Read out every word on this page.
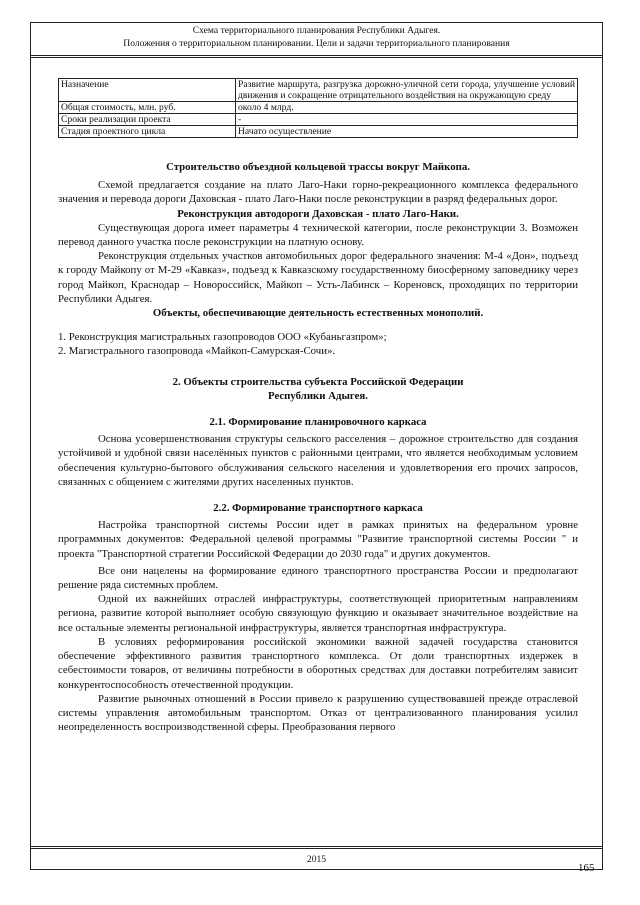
Схема территориального планирования Республики Адыгея.
Положения о территориальном планировании. Цели и задачи территориального планирования
Назначение	Развитие маршрута, разгрузка дорожно-уличной сети города, улучшение условий движения и сокращение отрицательного воздействия на окружающую среду
Общая стоимость, млн. руб.	около 4 млрд.
Сроки реализации проекта	-
Стадия проектного цикла	Начато осуществление

Строительство объездной кольцевой трассы вокруг Майкопа.

Схемой предлагается создание на плато Лаго-Наки горно-рекреационного комплекса федерального значения и перевода дороги Даховская - плато Лаго-Наки после реконструкции в разряд федеральных дорог.

Реконструкция автодороги Даховская - плато Лаго-Наки.

Существующая дорога имеет параметры 4 технической категории, после реконструкции 3. Возможен перевод данного участка после реконструкции на платную основу.

Реконструкция отдельных участков автомобильных дорог федерального значения: М-4 «Дон», подъезд к городу Майкопу от М-29 «Кавказ», подъезд к Кавказскому государственному биосферному заповеднику через город Майкоп, Краснодар – Новороссийск, Майкоп – Усть-Лабинск – Кореновск, проходящих по территории Республики Адыгея.

Объекты, обеспечивающие деятельность естественных монополий.

1. Реконструкция магистральных газопроводов ООО «Кубаньгазпром»;

2. Магистрального газопровода «Майкоп-Самурская-Сочи».

2. Объекты строительства субъекта Российской Федерации

Республики Адыгея.

2.1. Формирование планировочного каркаса

Основа усовершенствования структуры сельского расселения – дорожное строительство для создания устойчивой и удобной связи населённых пунктов с районными центрами, что является необходимым условием обеспечения культурно-бытового обслуживания сельского населения и удовлетворения его прочих запросов, связанных с общением с жителями других населенных пунктов.

2.2. Формирование транспортного каркаса

Настройка транспортной системы России идет в рамках принятых на федеральном уровне программных документов: Федеральной целевой программы "Развитие транспортной системы России " и проекта "Транспортной стратегии Российской Федерации до 2030 года" и других документов.

Все они нацелены на формирование единого транспортного пространства России и предполагают решение ряда системных проблем.

Одной их важнейших отраслей инфраструктуры, соответствующей приоритетным направлениям региона, развитие которой выполняет особую связующую функцию и оказывает значительное воздействие на все остальные элементы региональной инфраструктуры, является транспортная инфраструктура.

В условиях реформирования российской экономики важной задачей государства становится обеспечение эффективного развития транспортного комплекса. От доли транспортных издержек в себестоимости товаров, от величины потребности в оборотных средствах для доставки потребителям зависит конкурентоспособность отечественной продукции.

Развитие рыночных отношений в России привело к разрушению существовавшей прежде отраслевой системы управления автомобильным транспортом. Отказ от централизованного планирования усилил неопределенность воспроизводственной сферы. Преобразования первого

2015
165
